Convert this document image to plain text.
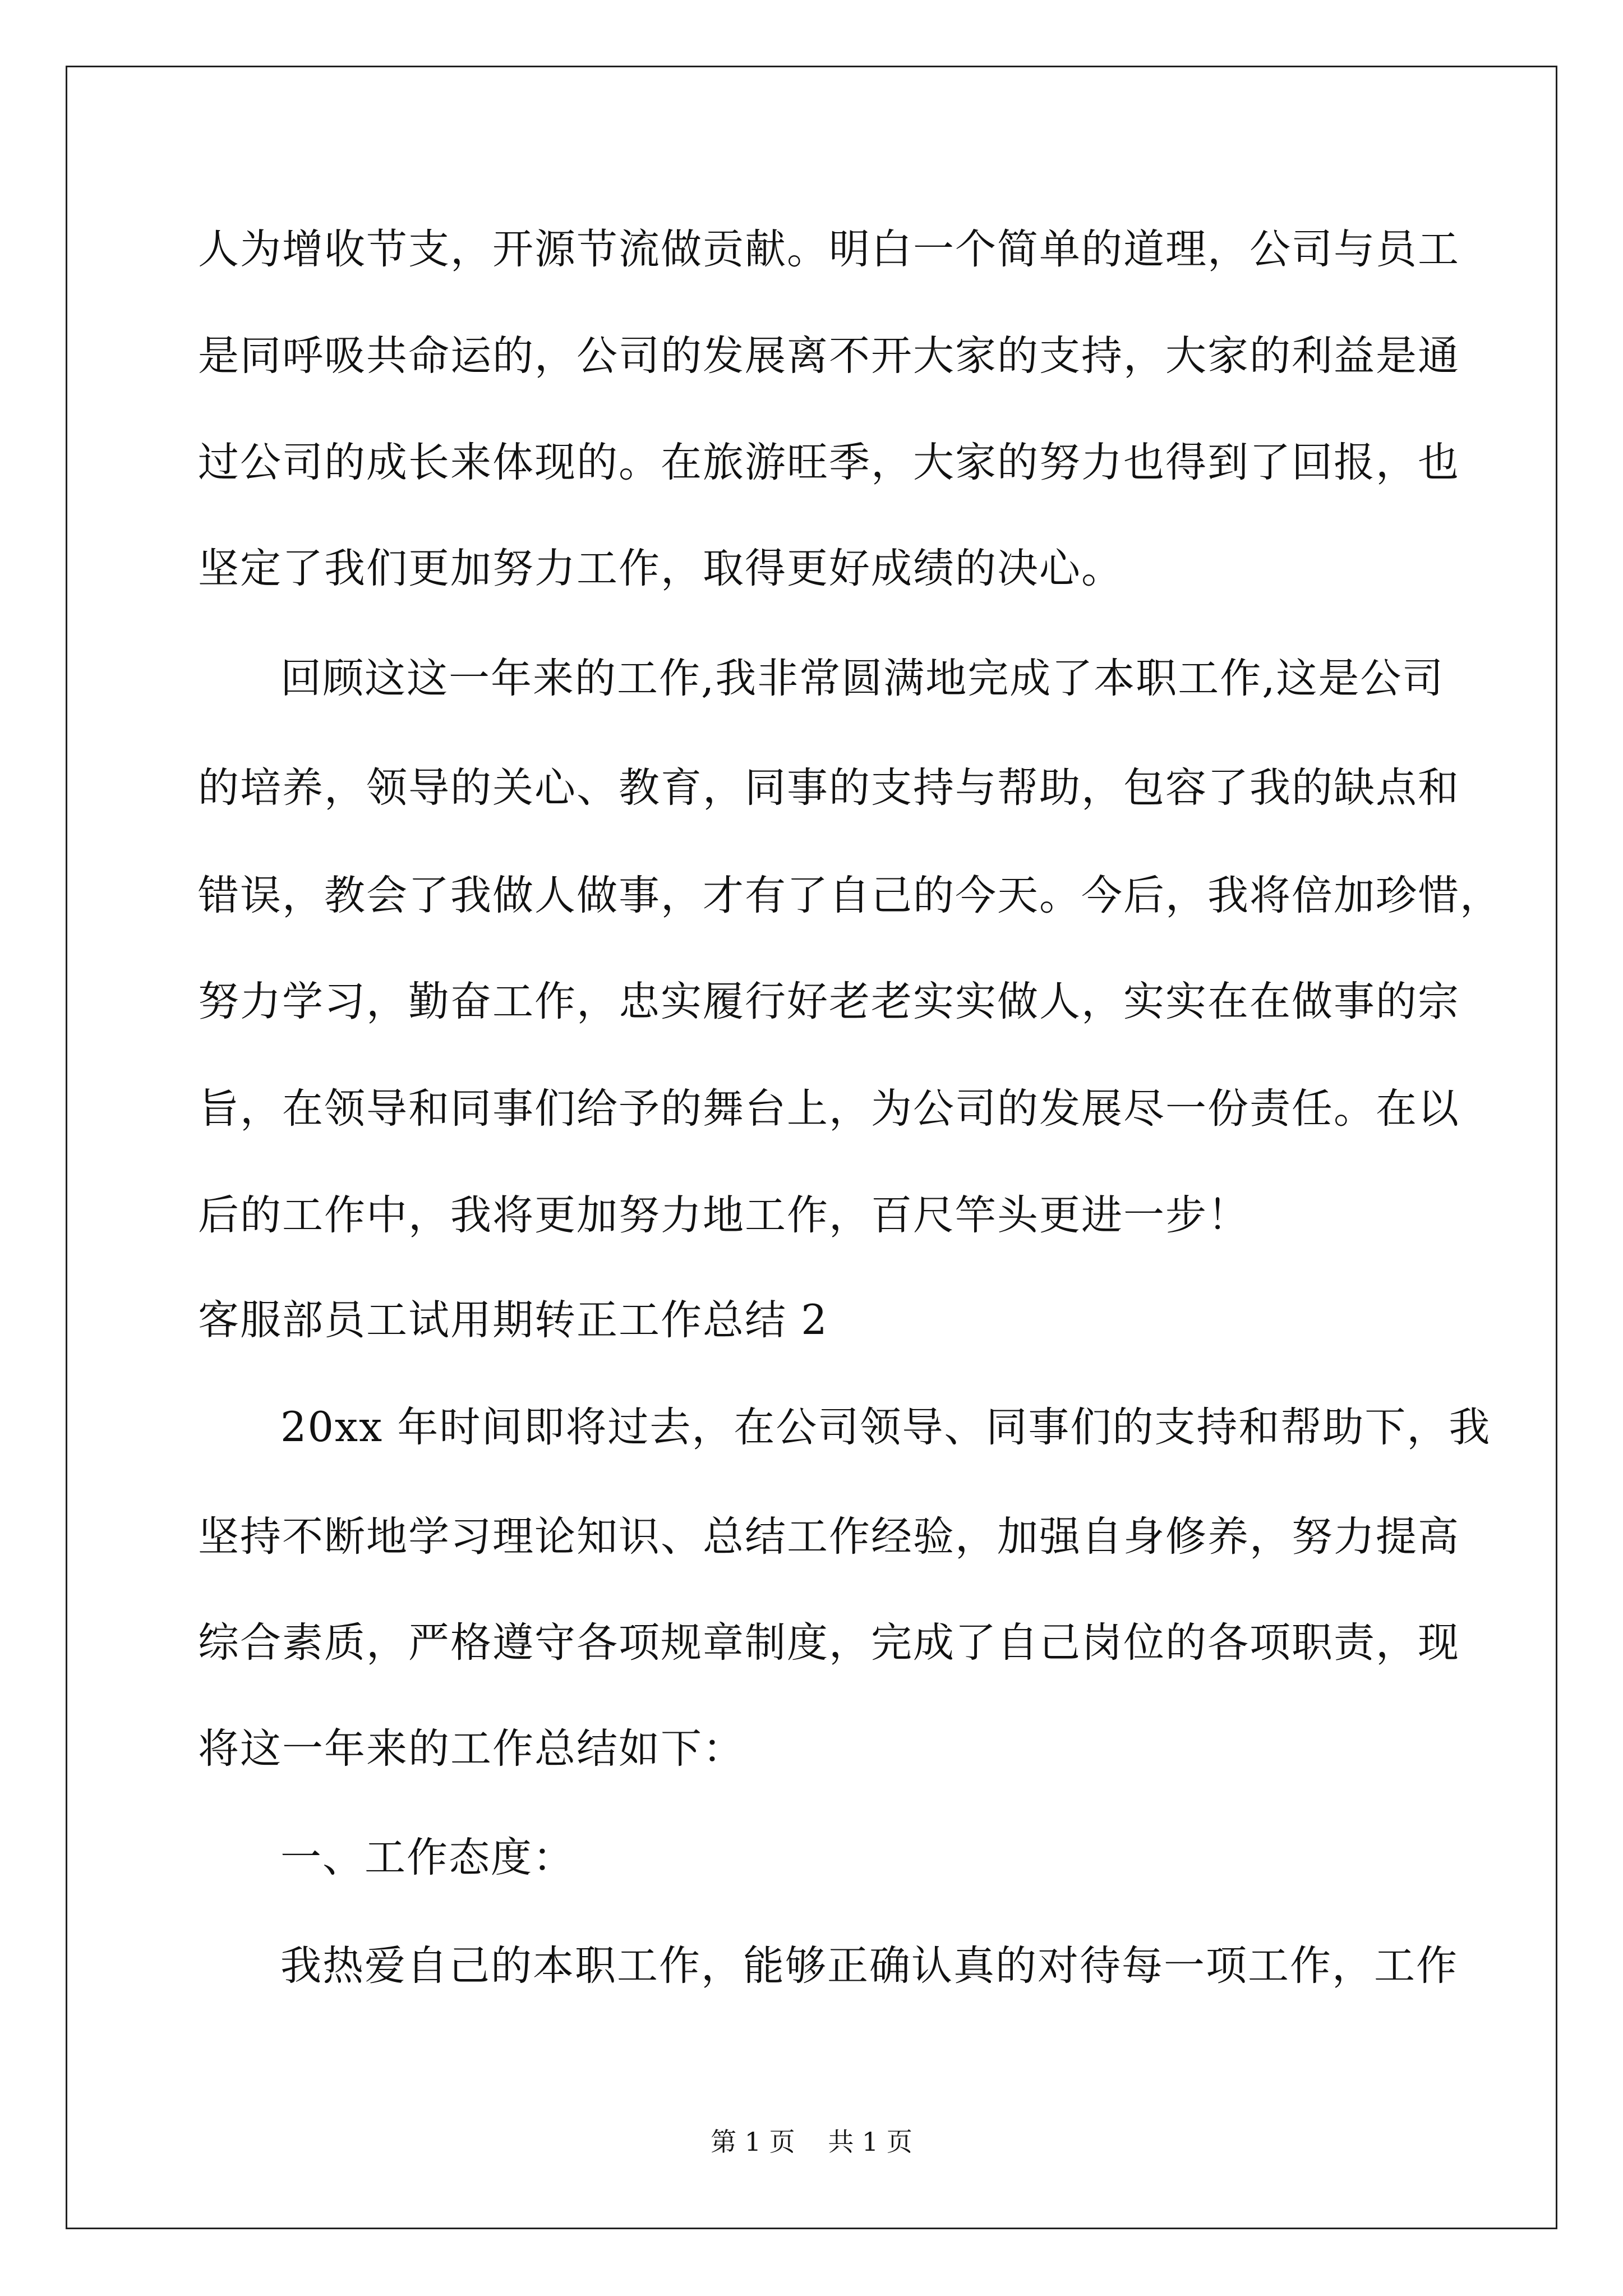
人为增收节支，开源节流做贡献。明白一个简单的道理，公司与员工
是同呼吸共命运的，公司的发展离不开大家的支持，大家的利益是通
过公司的成长来体现的。在旅游旺季，大家的努力也得到了回报，也
坚定了我们更加努力工作，取得更好成绩的决心。
回顾这这一年来的工作,我非常圆满地完成了本职工作,这是公司
的培养，领导的关心、教育，同事的支持与帮助，包容了我的缺点和
错误，教会了我做人做事，才有了自己的今天。今后，我将倍加珍惜，
努力学习，勤奋工作，忠实履行好老老实实做人，实实在在做事的宗
旨，在领导和同事们给予的舞台上，为公司的发展尽一份责任。在以
后的工作中，我将更加努力地工作，百尺竿头更进一步！
客服部员工试用期转正工作总结 2
20xx 年时间即将过去，在公司领导、同事们的支持和帮助下，我
坚持不断地学习理论知识、总结工作经验，加强自身修养，努力提高
综合素质，严格遵守各项规章制度，完成了自己岗位的各项职责，现
将这一年来的工作总结如下：
一、工作态度：
我热爱自己的本职工作，能够正确认真的对待每一项工作，工作
第 1 页 共 1 页
